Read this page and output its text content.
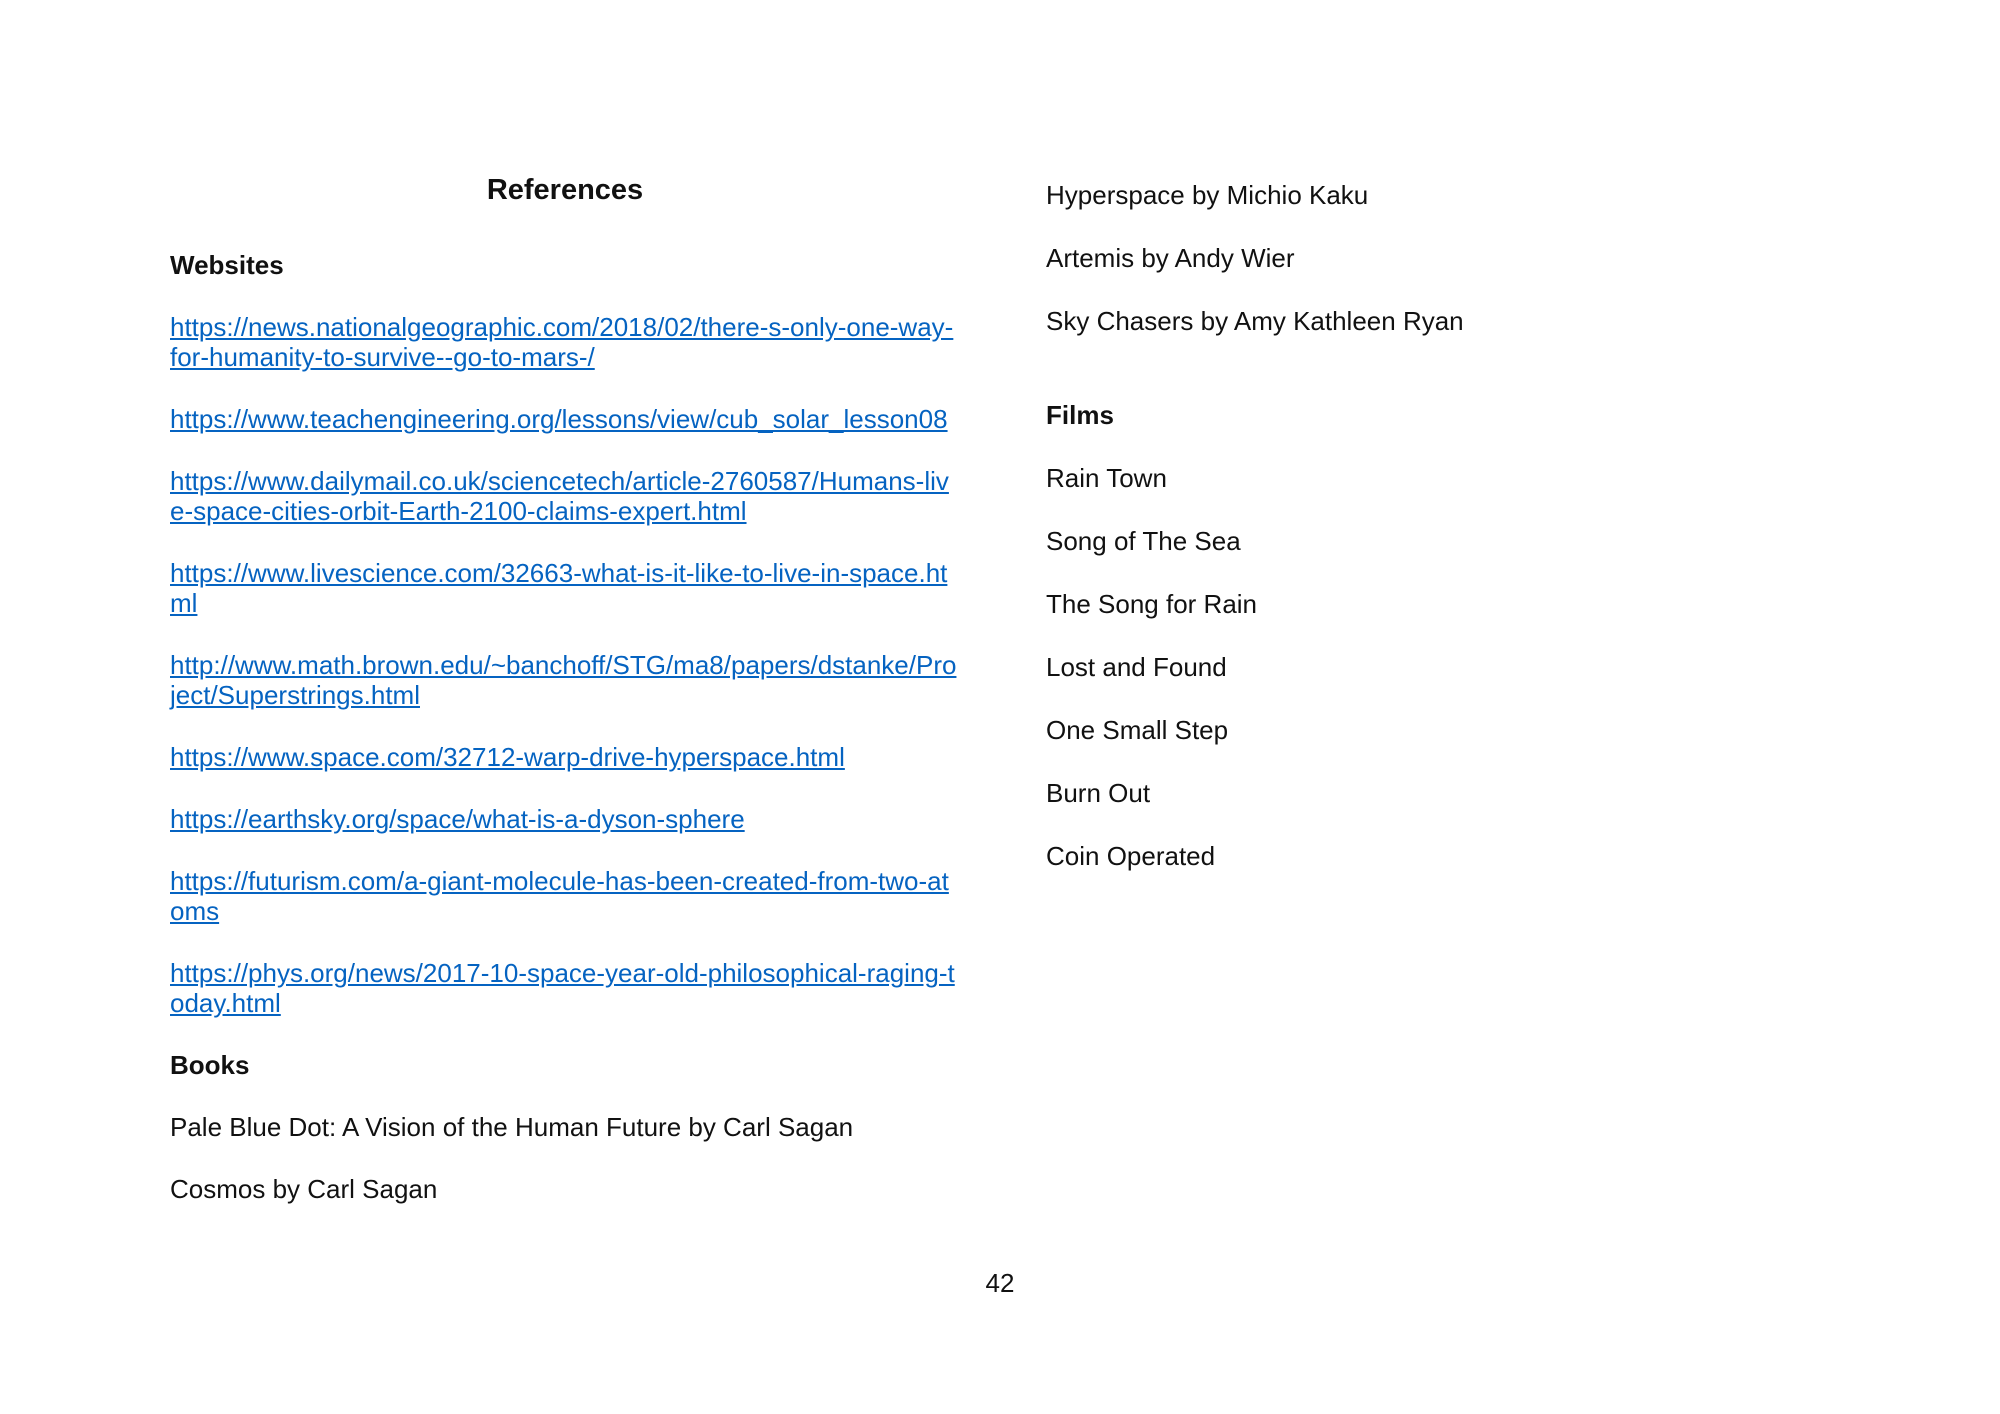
References

Websites

https://news.nationalgeographic.com/2018/02/there-s-only-one-way-for-humanity-to-survive--go-to-mars-/

https://www.teachengineering.org/lessons/view/cub_solar_lesson08

https://www.dailymail.co.uk/sciencetech/article-2760587/Humans-live-space-cities-orbit-Earth-2100-claims-expert.html

https://www.livescience.com/32663-what-is-it-like-to-live-in-space.html

http://www.math.brown.edu/~banchoff/STG/ma8/papers/dstanke/Project/Superstrings.html

https://www.space.com/32712-warp-drive-hyperspace.html

https://earthsky.org/space/what-is-a-dyson-sphere

https://futurism.com/a-giant-molecule-has-been-created-from-two-atoms

https://phys.org/news/2017-10-space-year-old-philosophical-raging-today.html

Books

Pale Blue Dot: A Vision of the Human Future by Carl Sagan

Cosmos by Carl Sagan

Hyperspace by Michio Kaku

Artemis by Andy Wier

Sky Chasers by Amy Kathleen Ryan

Films

Rain Town

Song of The Sea

The Song for Rain

Lost and Found

One Small Step

Burn Out

Coin Operated

42
